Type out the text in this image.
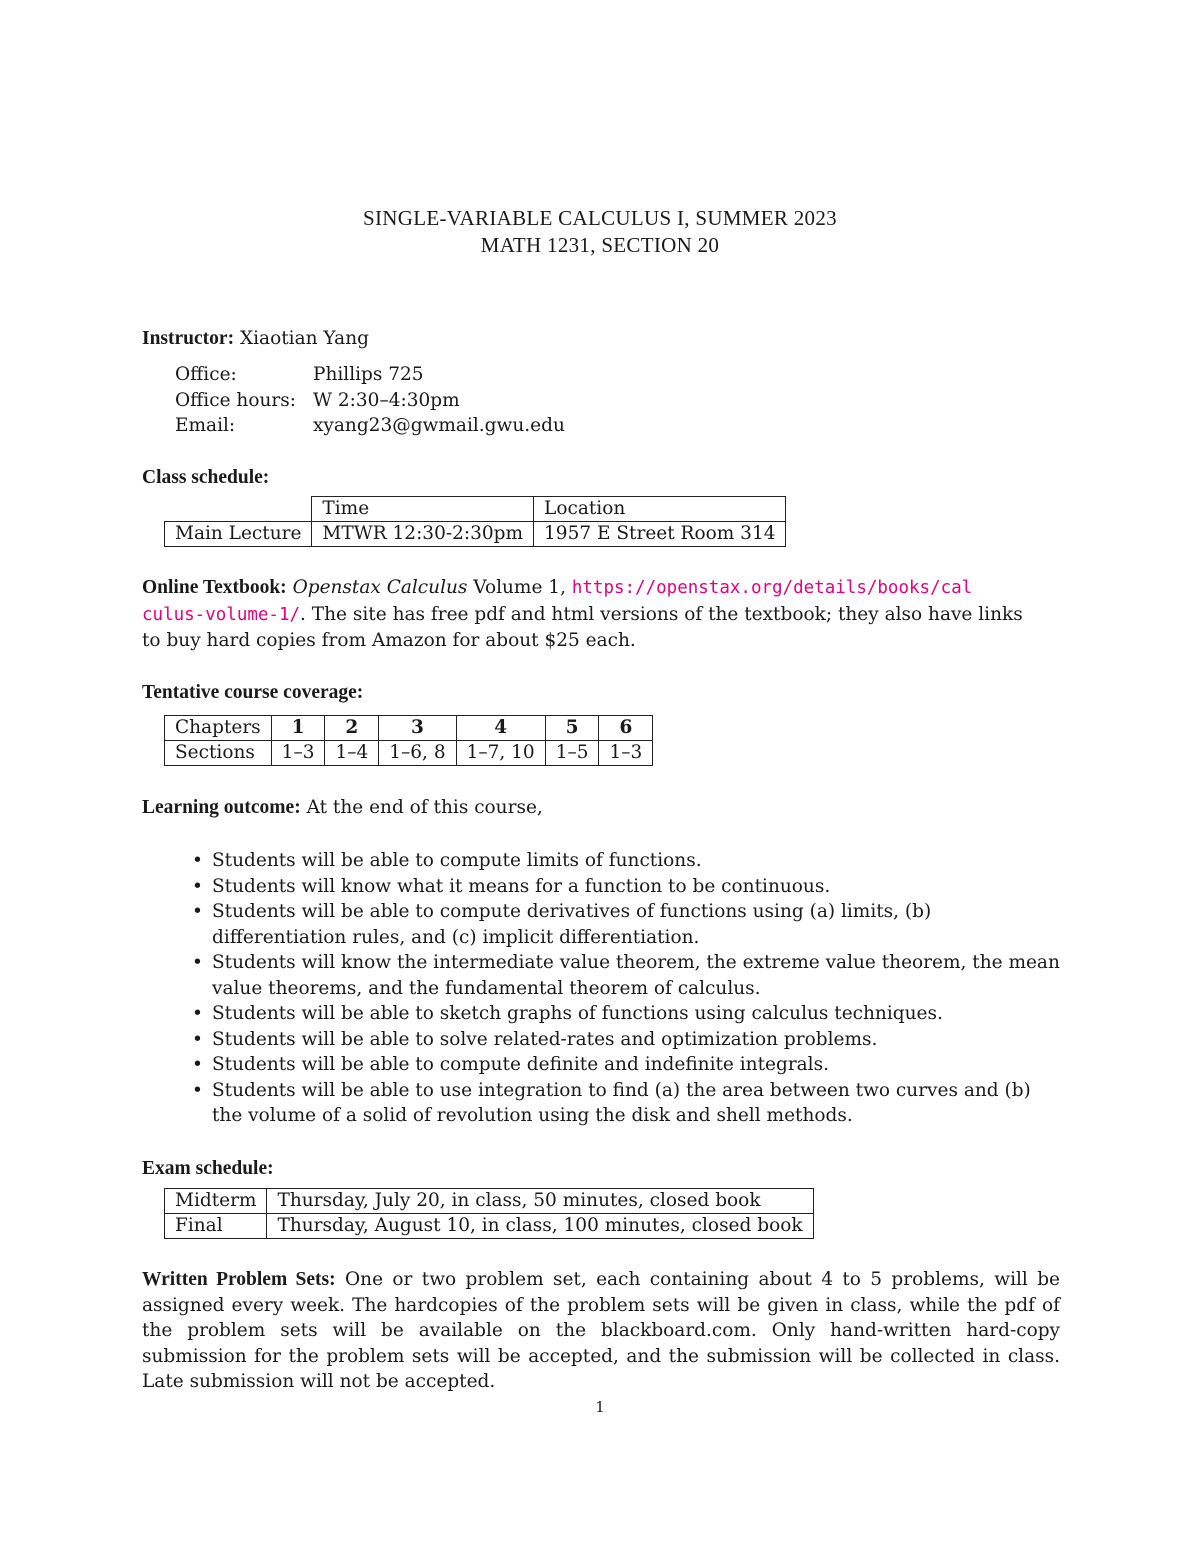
SINGLE-VARIABLE CALCULUS I, SUMMER 2023
MATH 1231, SECTION 20
Instructor: Xiaotian Yang
Office:	Phillips 725
Office hours:	W 2:30–4:30pm
Email:	xyang23@gwmail.gwu.edu
Class schedule:
	Time	Location
Main Lecture	MTWR 12:30-2:30pm	1957 E Street Room 314
Online Textbook: Openstax Calculus Volume 1, https://openstax.org/details/books/cal
culus-volume-1/. The site has free pdf and html versions of the textbook; they also have links
to buy hard copies from Amazon for about $25 each.
Tentative course coverage:
Chapters	1	2	3	4	5	6
Sections	1–3	1–4	1–6, 8	1–7, 10	1–5	1–3
Learning outcome: At the end of this course,
• Students will be able to compute limits of functions.
• Students will know what it means for a function to be continuous.
• Students will be able to compute derivatives of functions using (a) limits, (b) differentiation rules, and (c) implicit differentiation.
• Students will know the intermediate value theorem, the extreme value theorem, the mean value theorems, and the fundamental theorem of calculus.
• Students will be able to sketch graphs of functions using calculus techniques.
• Students will be able to solve related-rates and optimization problems.
• Students will be able to compute definite and indefinite integrals.
• Students will be able to use integration to find (a) the area between two curves and (b) the volume of a solid of revolution using the disk and shell methods.
Exam schedule:
Midterm	Thursday, July 20, in class, 50 minutes, closed book
Final	Thursday, August 10, in class, 100 minutes, closed book
Written Problem Sets: One or two problem set, each containing about 4 to 5 problems, will be assigned every week. The hardcopies of the problem sets will be given in class, while the pdf of the problem sets will be available on the blackboard.com. Only hand-written hard-copy submission for the problem sets will be accepted, and the submission will be collected in class. Late submission will not be accepted.
1
